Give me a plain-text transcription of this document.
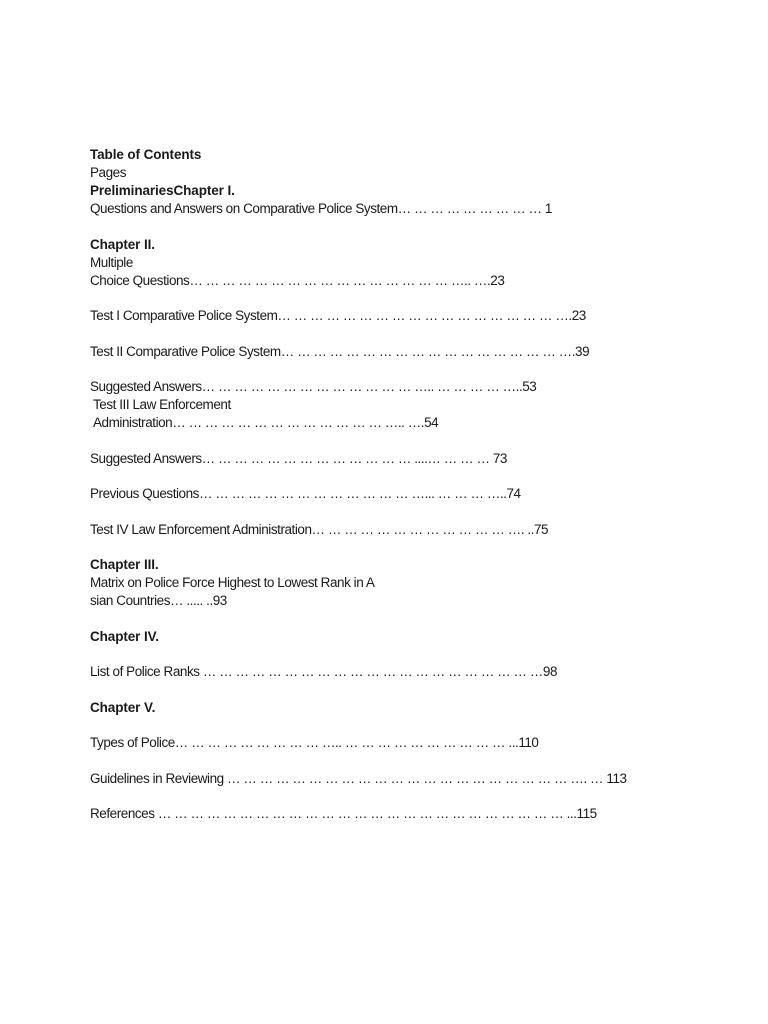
Table of Contents
Pages
PreliminariesChapter I.
Questions and Answers on Comparative Police System… … … … … … … … … 1
Chapter II.
Multiple
Choice Questions… … … … … … … … … … … … … … … … ….. ….23
Test I Comparative Police System… … … … … … … … … … … … … … … … … ….23
Test II Comparative Police System… … … … … … … … … … … … … … … … … ….39
Suggested Answers… … … … … … … … … … … … … ….. … … … … …..53
Test III Law Enforcement
Administration… … … … … … … … … … … … … ….. ….54
Suggested Answers… … … … … … … … … … … … … ....… … … … 73
Previous Questions… … … … … … … … … … … … … …... … … … …..74
Test IV Law Enforcement Administration… … … … … … … … … … … … …. ..75
Chapter III.
Matrix on Police Force Highest to Lowest Rank in A
sian Countries… ..... ..93
Chapter IV.
List of Police Ranks … … … … … … … … … … … … … … … … … … … … …98
Chapter V.
Types of Police… … … … … … … … … ….. … … … … … … … … … … ...110
Guidelines in Reviewing … … … … … … … … … … … … … … … … … … … … … …. … 113
References … … … … … … … … … … … … … … … … … … … … … … … … … ...115
